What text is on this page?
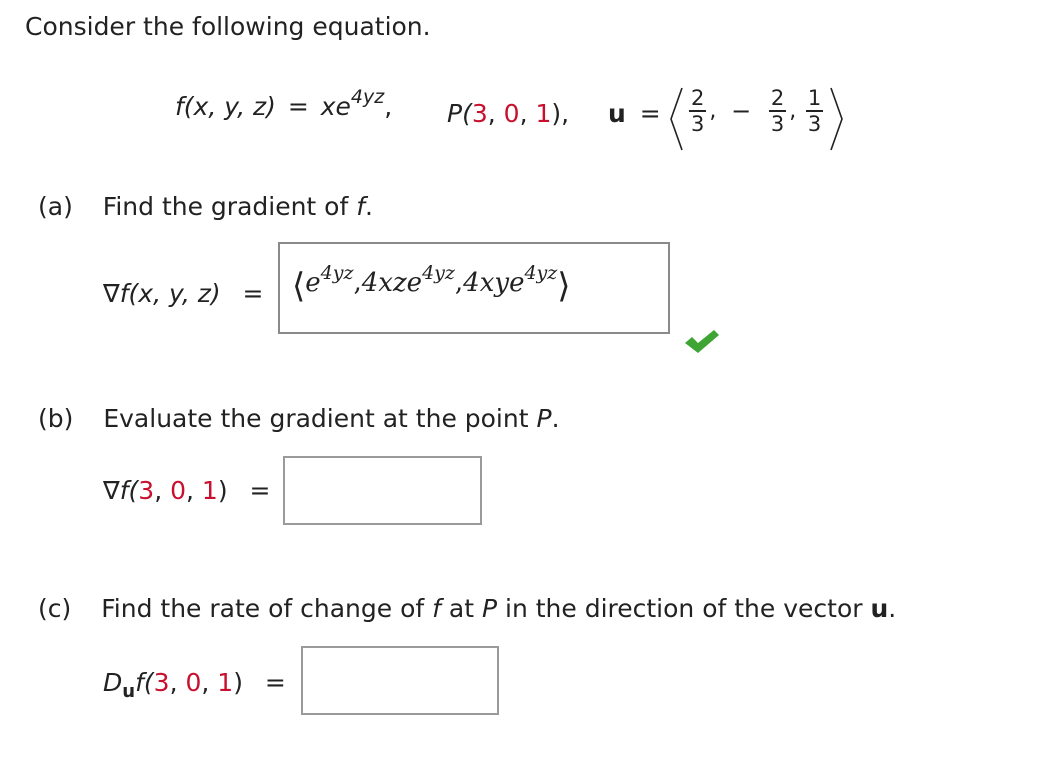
Consider the following equation.
f(x, y, $z) = xe^{4yz}$, P(3, 0, 1), $u = \frac{2}{3}$ , − $\frac{2}{3}$ , $\frac{1}{3}$
(a) Find the gradient of f.
∇f(x, y, $z) = ⟨e^{4yz},4xze^{4yz},4xye^{4yz}⟩$
(b) Evaluate the gradient at the point P.
∇f(3, 0, 1) =
(c) Find the rate of change of f at P in the direction of the vector u.
$D_uf(3$, 0, 1) =
